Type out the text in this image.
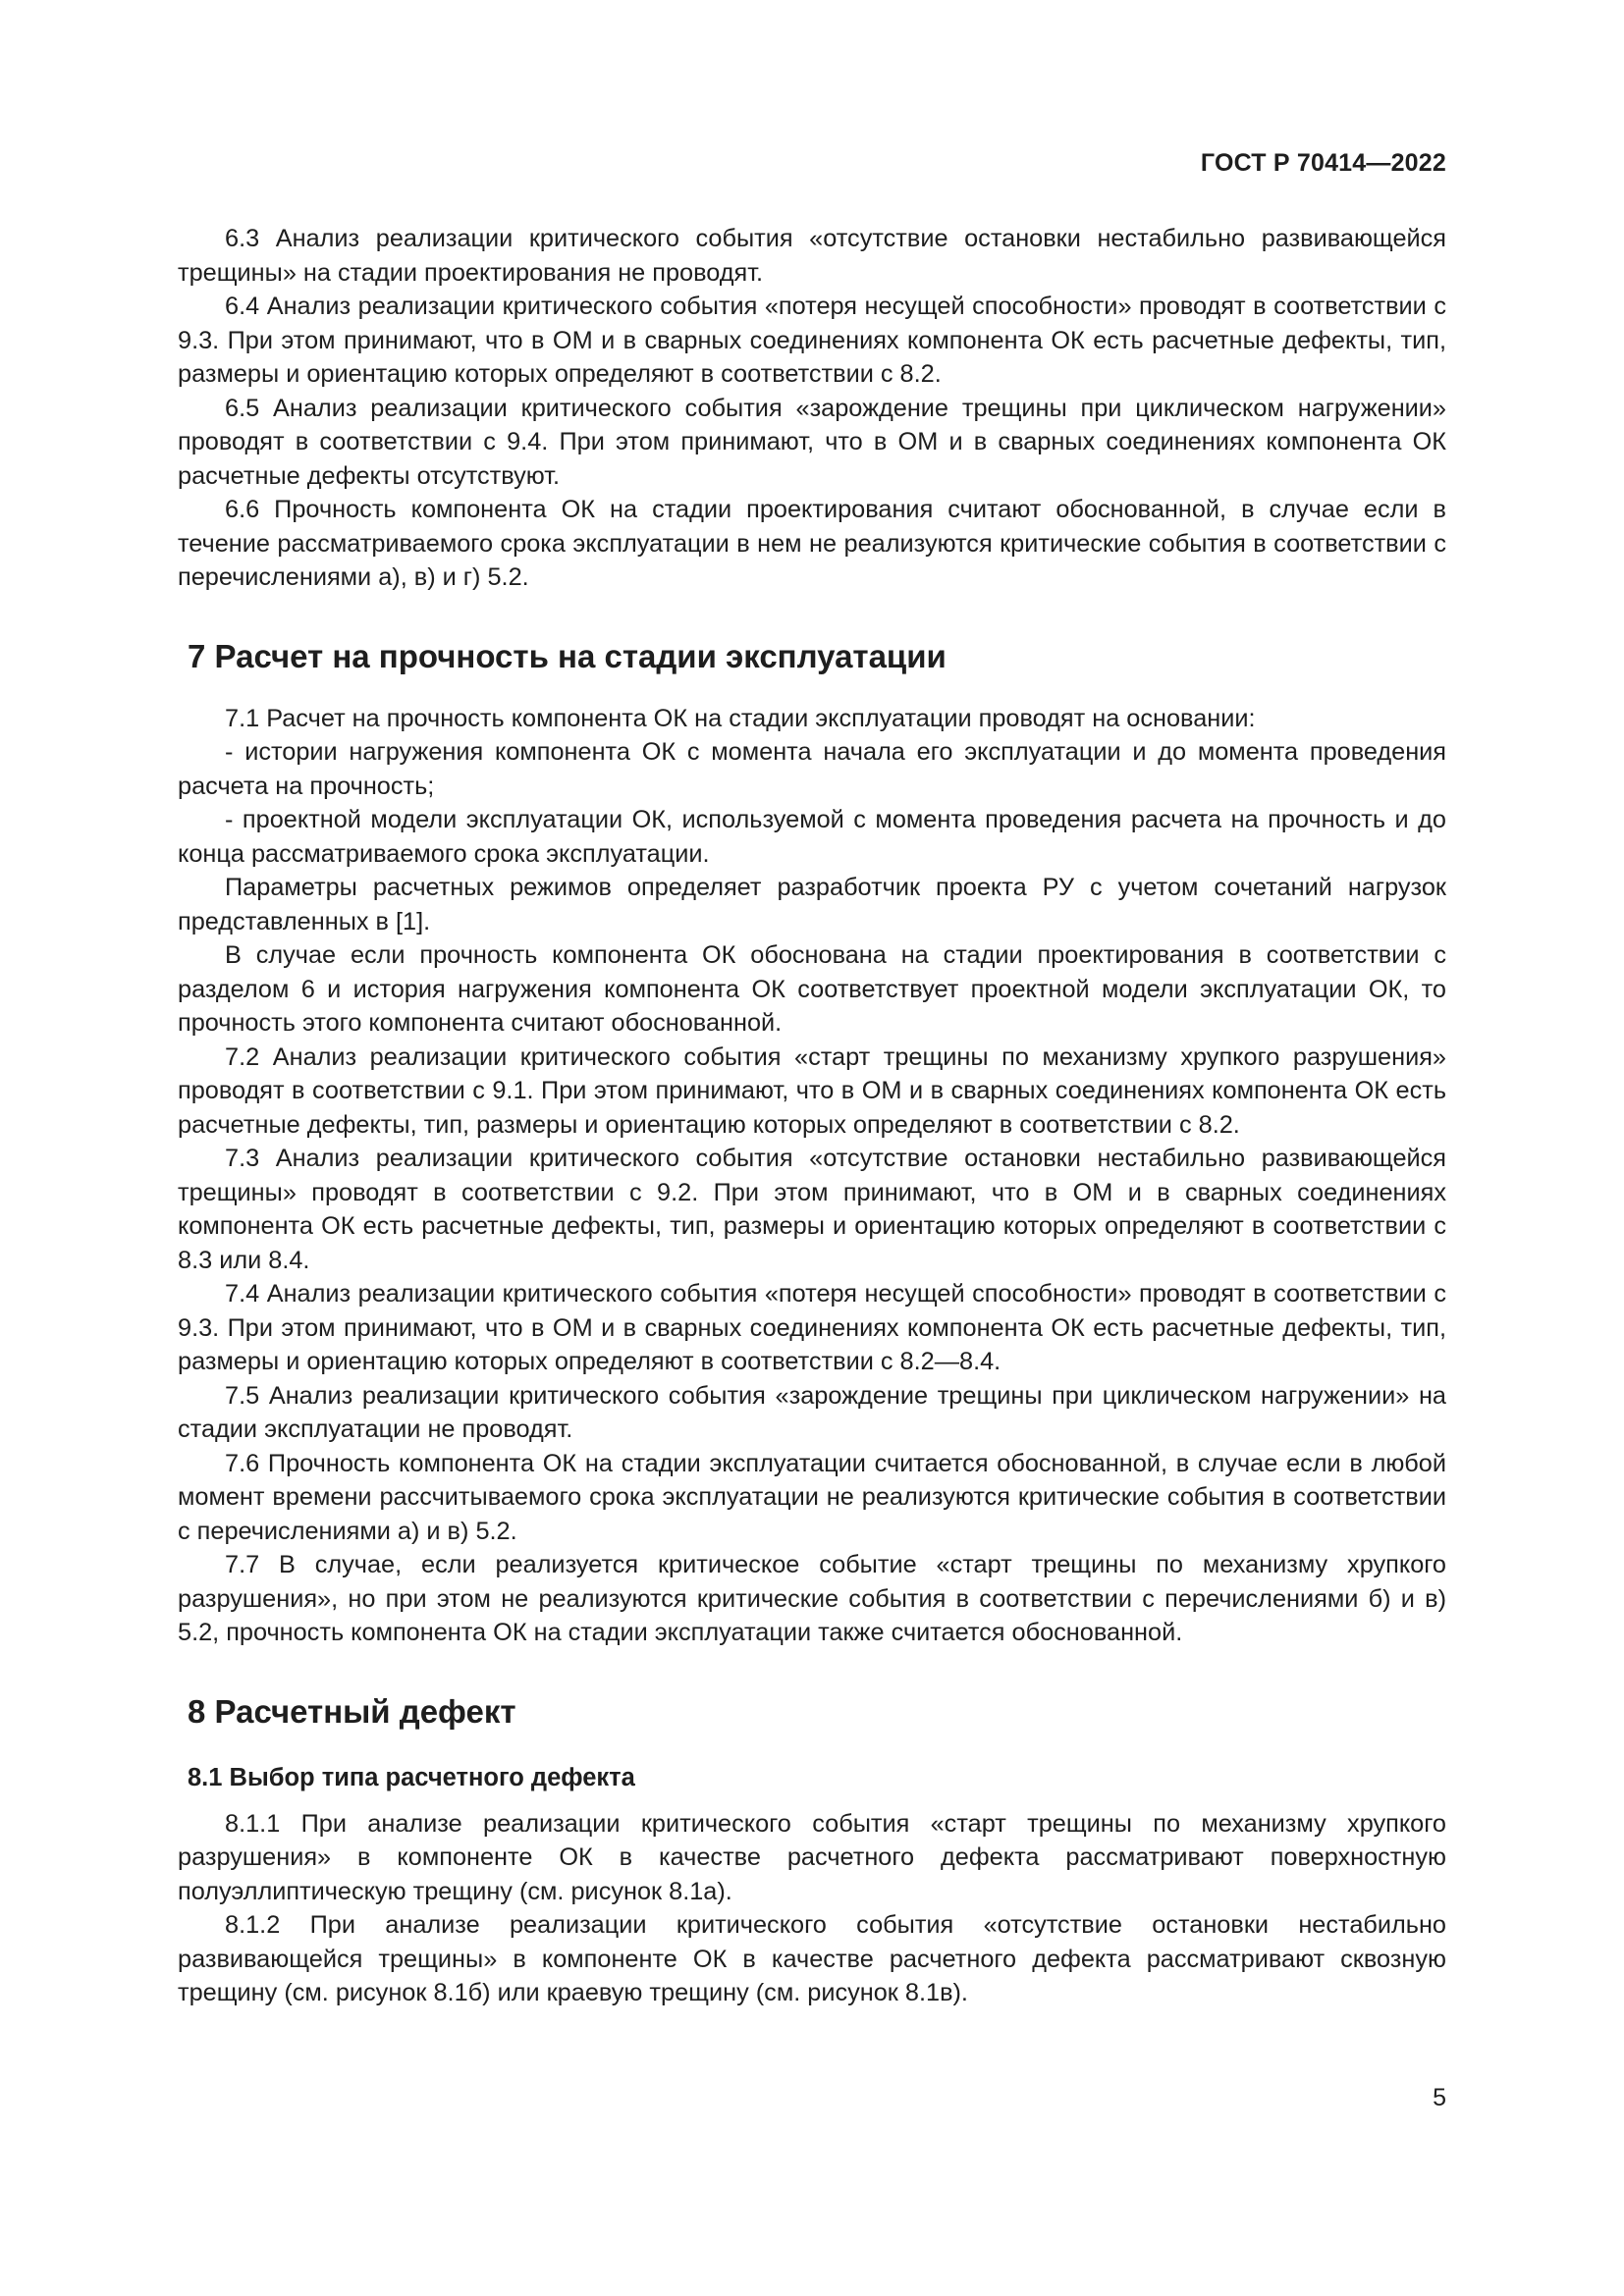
ГОСТ Р 70414—2022

6.3 Анализ реализации критического события «отсутствие остановки нестабильно развивающейся трещины» на стадии проектирования не проводят.

6.4 Анализ реализации критического события «потеря несущей способности» проводят в соответствии с 9.3. При этом принимают, что в ОМ и в сварных соединениях компонента ОК есть расчетные дефекты, тип, размеры и ориентацию которых определяют в соответствии с 8.2.

6.5 Анализ реализации критического события «зарождение трещины при циклическом нагружении» проводят в соответствии с 9.4. При этом принимают, что в ОМ и в сварных соединениях компонента ОК расчетные дефекты отсутствуют.

6.6 Прочность компонента ОК на стадии проектирования считают обоснованной, в случае если в течение рассматриваемого срока эксплуатации в нем не реализуются критические события в соответствии с перечислениями а), в) и г) 5.2.

7 Расчет на прочность на стадии эксплуатации

7.1 Расчет на прочность компонента ОК на стадии эксплуатации проводят на основании:

- истории нагружения компонента ОК с момента начала его эксплуатации и до момента проведения расчета на прочность;

- проектной модели эксплуатации ОК, используемой с момента проведения расчета на прочность и до конца рассматриваемого срока эксплуатации.

Параметры расчетных режимов определяет разработчик проекта РУ с учетом сочетаний нагрузок представленных в [1].

В случае если прочность компонента ОК обоснована на стадии проектирования в соответствии с разделом 6 и история нагружения компонента ОК соответствует проектной модели эксплуатации ОК, то прочность этого компонента считают обоснованной.

7.2 Анализ реализации критического события «старт трещины по механизму хрупкого разрушения» проводят в соответствии с 9.1. При этом принимают, что в ОМ и в сварных соединениях компонента ОК есть расчетные дефекты, тип, размеры и ориентацию которых определяют в соответствии с 8.2.

7.3 Анализ реализации критического события «отсутствие остановки нестабильно развивающейся трещины» проводят в соответствии с 9.2. При этом принимают, что в ОМ и в сварных соединениях компонента ОК есть расчетные дефекты, тип, размеры и ориентацию которых определяют в соответствии с 8.3 или 8.4.

7.4 Анализ реализации критического события «потеря несущей способности» проводят в соответствии с 9.3. При этом принимают, что в ОМ и в сварных соединениях компонента ОК есть расчетные дефекты, тип, размеры и ориентацию которых определяют в соответствии с 8.2—8.4.

7.5 Анализ реализации критического события «зарождение трещины при циклическом нагружении» на стадии эксплуатации не проводят.

7.6 Прочность компонента ОК на стадии эксплуатации считается обоснованной, в случае если в любой момент времени рассчитываемого срока эксплуатации не реализуются критические события в соответствии с перечислениями а) и в) 5.2.

7.7 В случае, если реализуется критическое событие «старт трещины по механизму хрупкого разрушения», но при этом не реализуются критические события в соответствии с перечислениями б) и в) 5.2, прочность компонента ОК на стадии эксплуатации также считается обоснованной.

8 Расчетный дефект
8.1 Выбор типа расчетного дефекта

8.1.1 При анализе реализации критического события «старт трещины по механизму хрупкого разрушения» в компоненте ОК в качестве расчетного дефекта рассматривают поверхностную полуэллиптическую трещину (см. рисунок 8.1а).

8.1.2 При анализе реализации критического события «отсутствие остановки нестабильно развивающейся трещины» в компоненте ОК в качестве расчетного дефекта рассматривают сквозную трещину (см. рисунок 8.1б) или краевую трещину (см. рисунок 8.1в).

5
